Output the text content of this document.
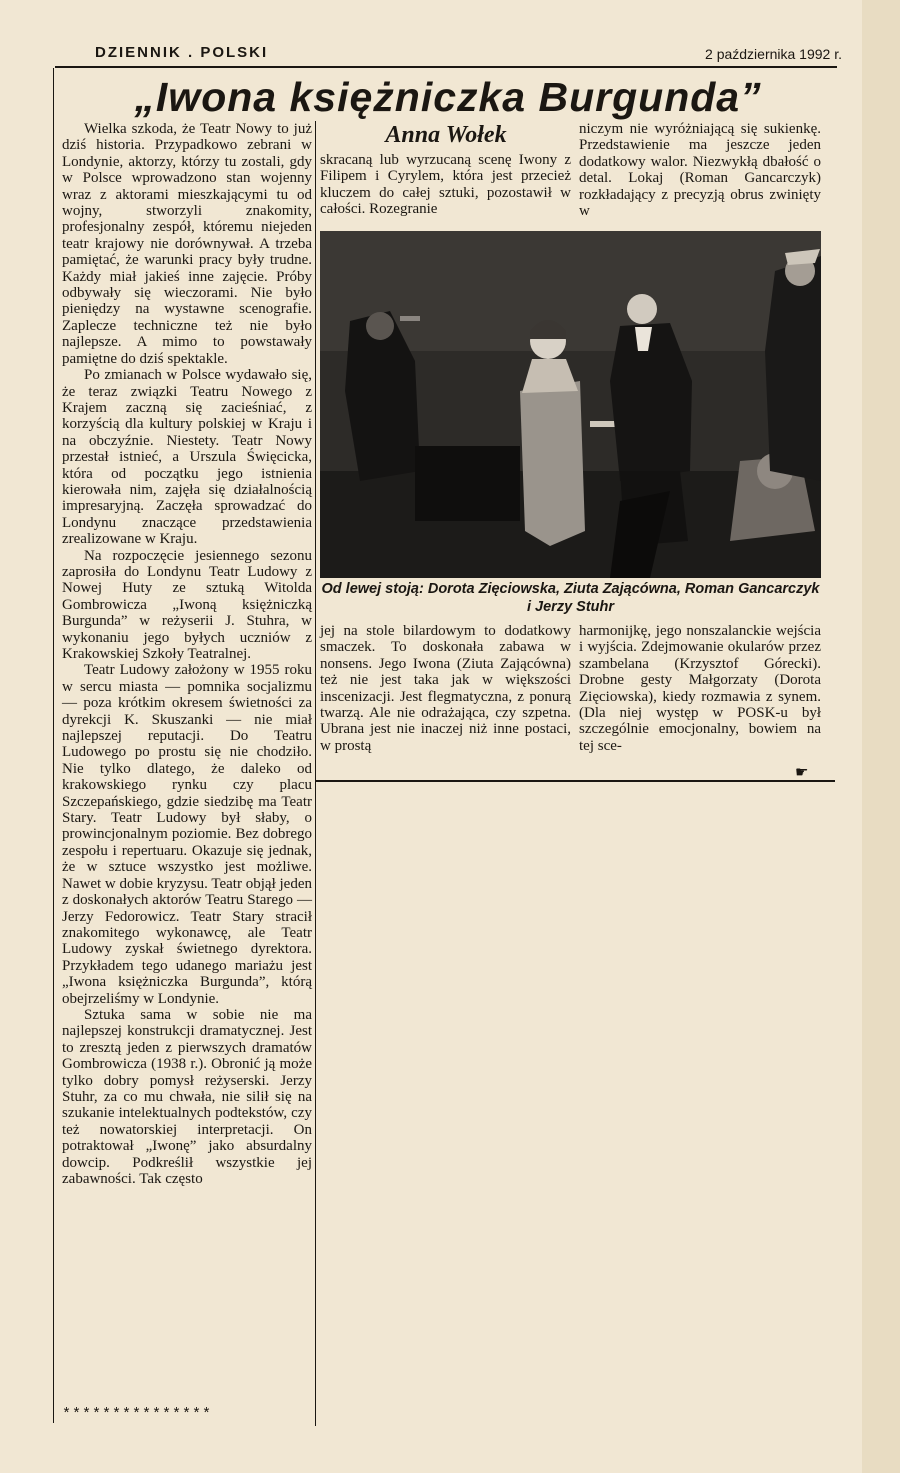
DZIENNIK . POLSKI	2 października 1992 r.
„Iwona księżniczka Burgunda”
Anna Wołek

Wielka szkoda, że Teatr Nowy to już dziś historia. Przypadkowo zebrani w Londynie, aktorzy, którzy tu zostali, gdy w Polsce wprowadzono stan wojenny wraz z aktorami mieszkającymi tu od wojny, stworzyli znakomity, profesjonalny zespół, któremu niejeden teatr krajowy nie dorównywał. A trzeba pamiętać, że warunki pracy były trudne. Każdy miał jakieś inne zajęcie. Próby odbywały się wieczorami. Nie było pieniędzy na wystawne scenografie. Zaplecze techniczne też nie było najlepsze. A mimo to powstawały pamiętne do dziś spektakle.

Po zmianach w Polsce wydawało się, że teraz związki Teatru Nowego z Krajem zaczną się zacieśniać, z korzyścią dla kultury polskiej w Kraju i na obczyźnie. Niestety. Teatr Nowy przestał istnieć, a Urszula Święcicka, która od początku jego istnienia kierowała nim, zajęła się działalnością impresaryjną. Zaczęła sprowadzać do Londynu znaczące przedstawienia zrealizowane w Kraju.

Na rozpoczęcie jesiennego sezonu zaprosiła do Londynu Teatr Ludowy z Nowej Huty ze sztuką Witolda Gombrowicza „Iwoną księżniczką Burgunda” w reżyserii J. Stuhra, w wykonaniu jego byłych uczniów z Krakowskiej Szkoły Teatralnej.

Teatr Ludowy założony w 1955 roku w sercu miasta — pomnika socjalizmu — poza krótkim okresem świetności za dyrekcji K. Skuszanki — nie miał najlepszej reputacji. Do Teatru Ludowego po prostu się nie chodziło. Nie tylko dlatego, że daleko od krakowskiego rynku czy placu Szczepańskiego, gdzie siedzibę ma Teatr Stary. Teatr Ludowy był słaby, o prowincjonalnym poziomie. Bez dobrego zespołu i repertuaru. Okazuje się jednak, że w sztuce wszystko jest możliwe. Nawet w dobie kryzysu. Teatr objął jeden z doskonałych aktorów Teatru Starego — Jerzy Fedorowicz. Teatr Stary stracił znakomitego wykonawcę, ale Teatr Ludowy zyskał świetnego dyrektora. Przykładem tego udanego mariażu jest „Iwona księżniczka Burgunda”, którą obejrzeliśmy w Londynie.

Sztuka sama w sobie nie ma najlepszej konstrukcji dramatycznej. Jest to zresztą jeden z pierwszych dramatów Gombrowicza (1938 r.). Obronić ją może tylko dobry pomysł reżyserski. Jerzy Stuhr, za co mu chwała, nie silił się na szukanie intelektualnych podtekstów, czy też nowatorskiej interpretacji. On potraktował „Iwonę” jako absurdalny dowcip. Podkreślił wszystkie jej zabawności. Tak często

skracaną lub wyrzucaną scenę Iwony z Filipem i Cyrylem, która jest przecież kluczem do całej sztuki, pozostawił w całości. Rozegranie

niczym nie wyróżniającą się sukienkę. Przedstawienie ma jeszcze jeden dodatkowy walor. Niezwykłą dbałość o detal. Lokaj (Roman Gancarczyk) rozkładający z precyzją obrus zwinięty w

Od lewej stoją: Dorota Zięciowska, Ziuta Zającówna, Roman Gancarczyk i Jerzy Stuhr

jej na stole bilardowym to dodatkowy smaczek. To doskonała zabawa w nonsens. Jego Iwona (Ziuta Zającówna) też nie jest taka jak w większości inscenizacji. Jest flegmatyczna, z ponurą twarzą. Ale nie odrażająca, czy szpetna. Ubrana jest nie inaczej niż inne postaci, w prostą

harmonijkę, jego nonszalanckie wejścia i wyjścia. Zdejmowanie okularów przez szambelana (Krzysztof Górecki). Drobne gesty Małgorzaty (Dorota Zięciowska), kiedy rozmawia z synem. (Dla niej występ w POSK-u był szczególnie emocjonalny, bowiem na tej sce-

☛
***************
